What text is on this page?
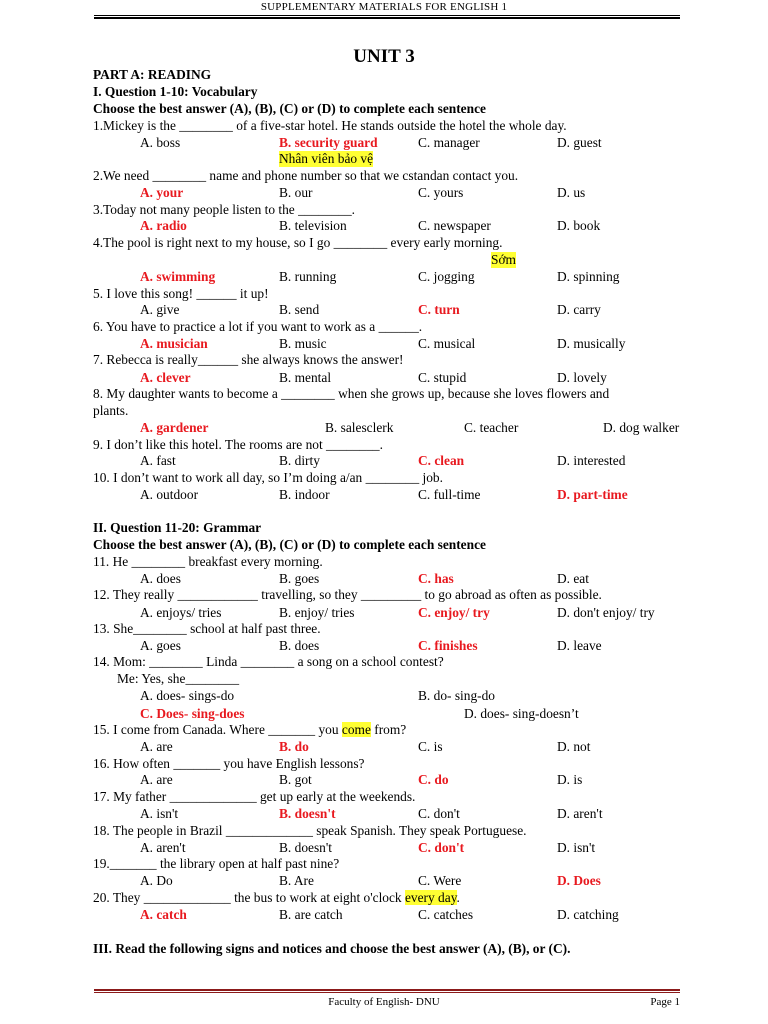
SUPPLEMENTARY MATERIALS FOR ENGLISH 1
UNIT 3
PART A: READING
I. Question 1-10: Vocabulary
Choose the best answer (A), (B), (C) or (D) to complete each sentence
1.Mickey is the ________ of a five-star hotel. He stands outside the hotel the whole day.
Nhân viên bảo vệ
A. boss	B. security guard	C. manager	D. guest
2.We need ________ name and phone number so that we cstandan contact you.
A. your	B. our	C. yours	D. us
3.Today not many people listen to the ________.
A. radio	B. television	C. newspaper	D. book
4.The pool is right next to my house, so I go ________ every early morning.
Sớm
A. swimming	B. running	C. jogging	D. spinning
5. I love this song! ______ it up!
A. give	B. send	C. turn	D. carry
6. You have to practice a lot if you want to work as a ______.
A. musician	B. music	C. musical	D. musically
7. Rebecca is really______ she always knows the answer!
A. clever	B. mental	C. stupid	D. lovely
8. My daughter wants to become a ________ when she grows up, because she loves flowers and
plants.
A. gardener	B. salesclerk	C. teacher	D. dog walker
9. I don’t like this hotel. The rooms are not ________.
A. fast	B. dirty	C. clean	D. interested
10. I don’t want to work all day, so I’m doing a/an ________ job.
A. outdoor	B. indoor	C. full-time	D. part-time
11. He ________ breakfast every morning.
A. does	B. goes	C. has	D. eat
12. They really ____________ travelling, so they _________ to go abroad as often as possible.
A. enjoys/ tries	B. enjoy/ tries	C. enjoy/ try	D. don't enjoy/ try
13. She________ school at half past three.
A. goes	B. does	C. finishes	D. leave
14. Mom: ________ Linda ________ a song on a school contest?
Me: Yes, she________
A. does- sings-do	B. do- sing-do
C. Does- sing-does	D. does- sing-doesn’t
15. I come from Canada. Where _______ you come from?
A. are	B. do	C. is	D. not
16. How often _______ you have English lessons?
A. are	B. got	C. do	D. is
17. My father _____________ get up early at the weekends.
A. isn't	B. doesn't	C. don't	D. aren't
18. The people in Brazil _____________ speak Spanish. They speak Portuguese.
A. aren't	B. doesn't	C. don't	D. isn't
19._______ the library open at half past nine?
A. Do	B. Are	C. Were	D. Does
20. They _____________ the bus to work at eight o'clock every day.
A. catch	B. are catch	C. catches	D. catching
II. Question 11-20: Grammar
Choose the best answer (A), (B), (C) or (D) to complete each sentence
III. Read the following signs and notices and choose the best answer (A), (B), or (C).
Faculty of English- DNU	Page 1
